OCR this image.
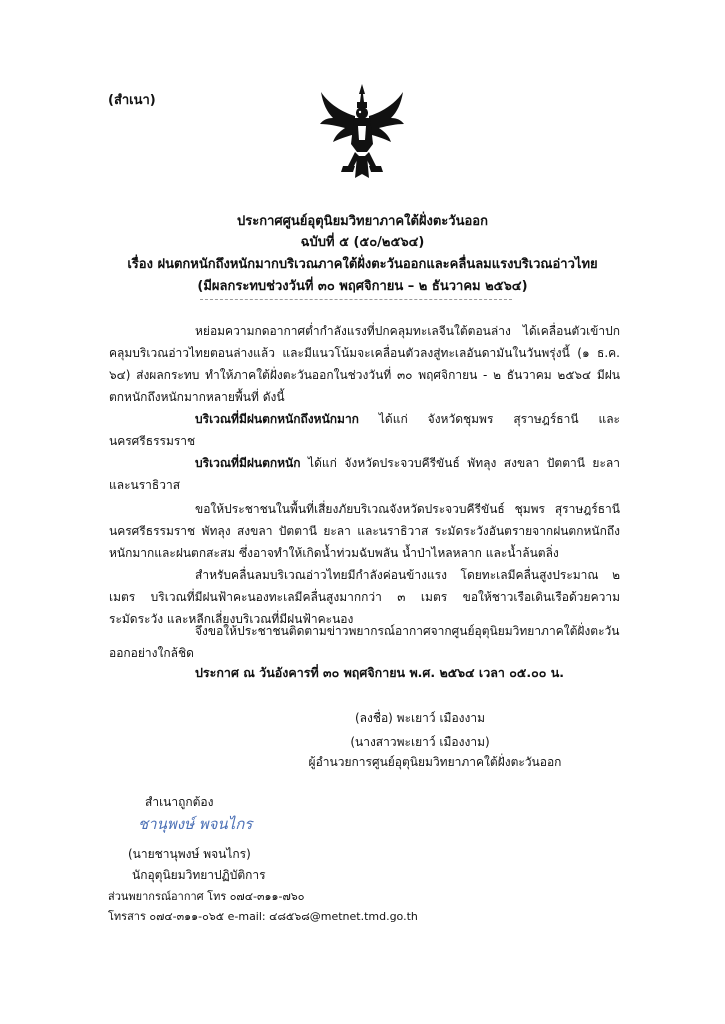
(สำเนา)
ประกาศศูนย์อุตุนิยมวิทยาภาคใต้ฝั่งตะวันออก
ฉบับที่ ๕ (๕๐/๒๕๖๔)
เรื่อง ฝนตกหนักถึงหนักมากบริเวณภาคใต้ฝั่งตะวันออกและคลื่นลมแรงบริเวณอ่าวไทย
(มีผลกระทบช่วงวันที่ ๓๐ พฤศจิกายน – ๒ ธันวาคม ๒๕๖๔)

หย่อมความกดอากาศต่ำกำลังแรงที่ปกคลุมทะเลจีนใต้ตอนล่าง ได้เคลื่อนตัวเข้าปกคลุมบริเวณอ่าวไทยตอนล่างแล้ว และมีแนวโน้มจะเคลื่อนตัวลงสู่ทะเลอันดามันในวันพรุ่งนี้ (๑ ธ.ค. ๖๔) ส่งผลกระทบ ทำให้ภาคใต้ฝั่งตะวันออกในช่วงวันที่ ๓๐ พฤศจิกายน - ๒ ธันวาคม ๒๕๖๔ มีฝนตกหนักถึงหนักมากหลายพื้นที่ ดังนี้

บริเวณที่มีฝนตกหนักถึงหนักมาก ได้แก่ จังหวัดชุมพร สุราษฎร์ธานี และนครศรีธรรมราช

บริเวณที่มีฝนตกหนัก ได้แก่ จังหวัดประจวบคีรีขันธ์ พัทลุง สงขลา ปัตตานี ยะลา และนราธิวาส

ขอให้ประชาชนในพื้นที่เสี่ยงภัยบริเวณจังหวัดประจวบคีรีขันธ์ ชุมพร สุราษฎร์ธานีนครศรีธรรมราช พัทลุง สงขลา ปัตตานี ยะลา และนราธิวาส ระมัดระวังอันตรายจากฝนตกหนักถึงหนักมากและฝนตกสะสม ซึ่งอาจทำให้เกิดน้ำท่วมฉับพลัน น้ำป่าไหลหลาก และน้ำล้นตลิ่ง

สำหรับคลื่นลมบริเวณอ่าวไทยมีกำลังค่อนข้างแรง โดยทะเลมีคลื่นสูงประมาณ ๒ เมตร บริเวณที่มีฝนฟ้าคะนองทะเลมีคลื่นสูงมากกว่า ๓ เมตร ขอให้ชาวเรือเดินเรือด้วยความระมัดระวัง และหลีกเลี่ยงบริเวณที่มีฝนฟ้าคะนอง

จึงขอให้ประชาชนติดตามข่าวพยากรณ์อากาศจากศูนย์อุตุนิยมวิทยาภาคใต้ฝั่งตะวันออกอย่างใกล้ชิด

ประกาศ ณ วันอังคารที่ ๓๐ พฤศจิกายน พ.ศ. ๒๕๖๔ เวลา ๐๕.๐๐ น.
(ลงชื่อ) พะเยาว์ เมืองงาม
(นางสาวพะเยาว์ เมืองงาม)
ผู้อำนวยการศูนย์อุตุนิยมวิทยาภาคใต้ฝั่งตะวันออก
สำเนาถูกต้อง
ชานุพงษ์ พจนไกร
(นายชานุพงษ์ พจนไกร)
นักอุตุนิยมวิทยาปฏิบัติการ
ส่วนพยากรณ์อากาศ โทร ๐๗๔-๓๑๑-๗๖๐
โทรสาร ๐๗๔-๓๑๑-๐๖๕ e-mail: ๔๘๕๖๘@metnet.tmd.go.th
